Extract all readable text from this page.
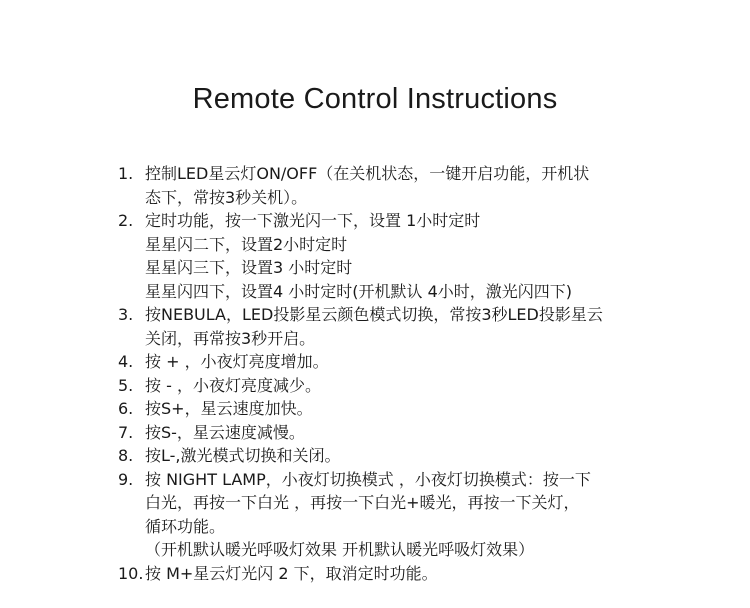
Remote Control Instructions
1. 控制LED星云灯ON/OFF（在关机状态，一键开启功能，开机状
态下，常按3秒关机）。
2. 定时功能，按一下激光闪一下，设置 1小时定时
星星闪二下，设置2小时定时
星星闪三下，设置3 小时定时
星星闪四下，设置4 小时定时(开机默认 4小时，激光闪四下)
3. 按NEBULA，LED投影星云颜色模式切换，常按3秒LED投影星云
关闭，再常按3秒开启。
4. 按 + ，小夜灯亮度增加。
5. 按 - ，小夜灯亮度减少。
6. 按S+，星云速度加快。
7. 按S-，星云速度减慢。
8. 按L-,激光模式切换和关闭。
9. 按 NIGHT LAMP，小夜灯切换模式 ，小夜灯切换模式：按一下
白光，再按一下白光 ，再按一下白光+暖光，再按一下关灯，
循环功能。
（开机默认暖光呼吸灯效果 开机默认暖光呼吸灯效果）
10. 按 M+星云灯光闪 2 下，取消定时功能。
